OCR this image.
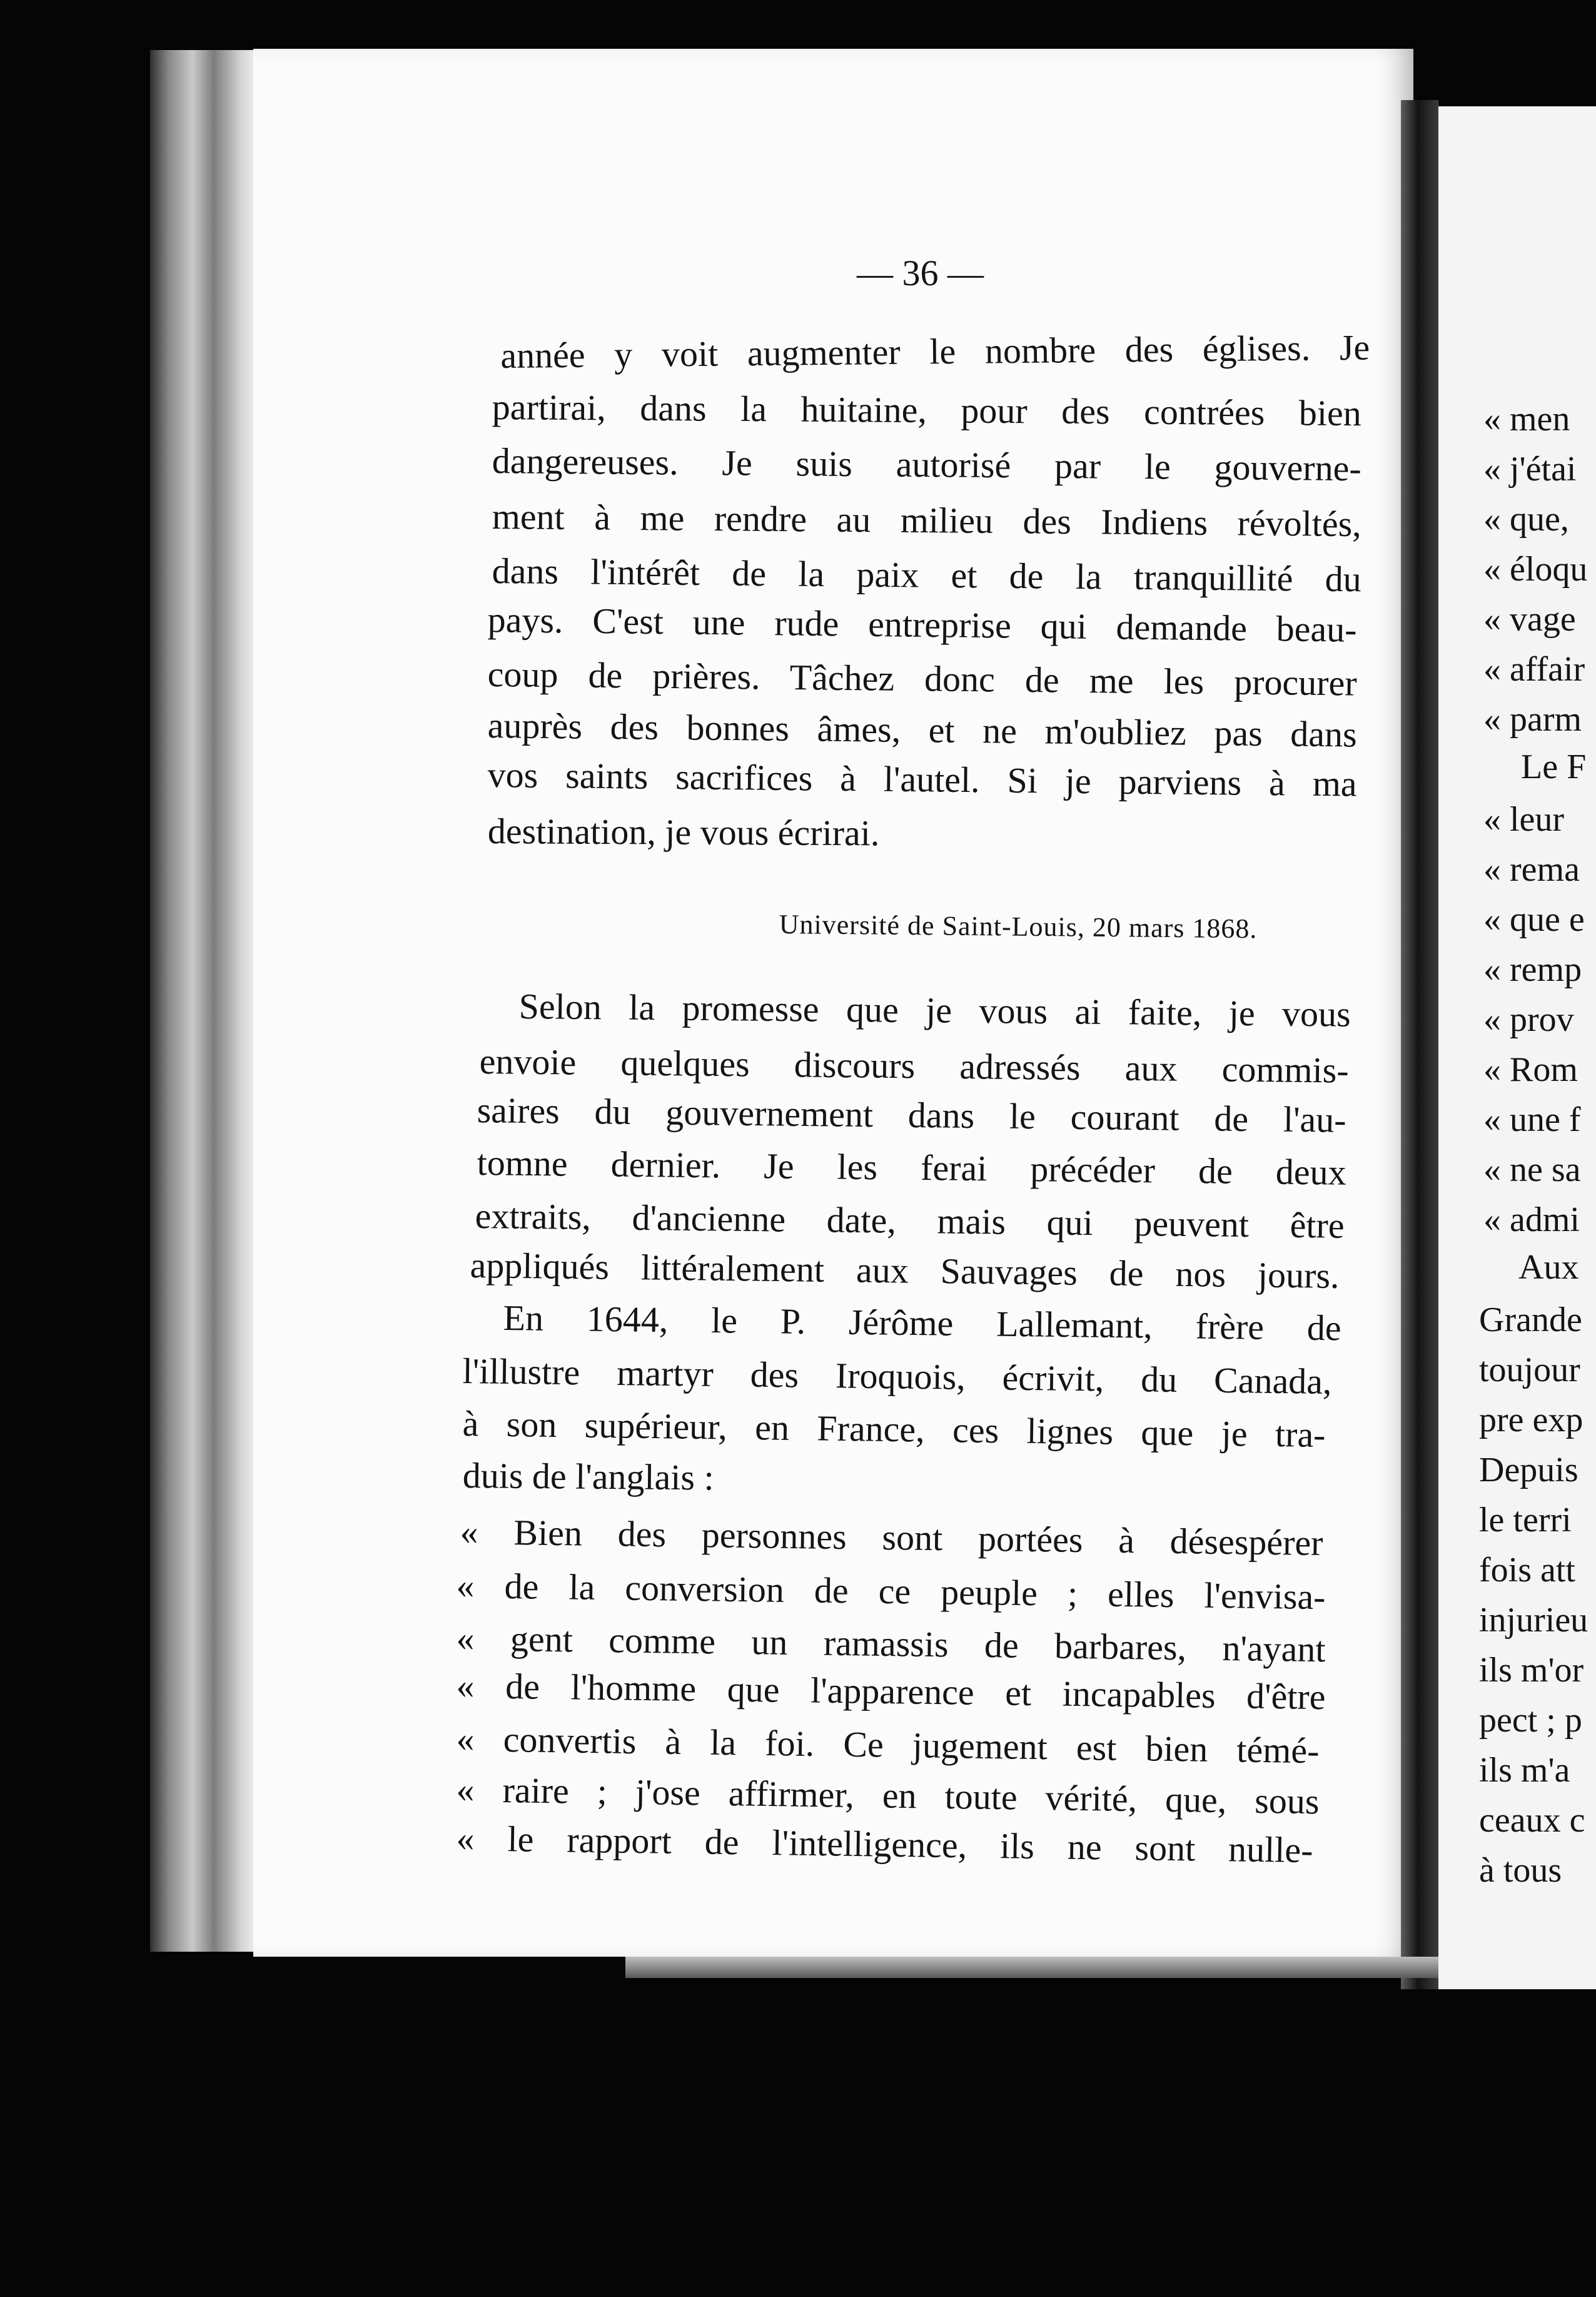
— 36 —
année y voit augmenter le nombre des églises. Je
partirai, dans la huitaine, pour des contrées bien
dangereuses. Je suis autorisé par le gouverne-
ment à me rendre au milieu des Indiens révoltés,
dans l'intérêt de la paix et de la tranquillité du
pays. C'est une rude entreprise qui demande beau-
coup de prières. Tâchez donc de me les procurer
auprès des bonnes âmes, et ne m'oubliez pas dans
vos saints sacrifices à l'autel. Si je parviens à ma
destination, je vous écrirai.
Université de Saint-Louis, 20 mars 1868.
Selon la promesse que je vous ai faite, je vous
envoie quelques discours adressés aux commis-
saires du gouvernement dans le courant de l'au-
tomne dernier. Je les ferai précéder de deux
extraits, d'ancienne date, mais qui peuvent être
appliqués littéralement aux Sauvages de nos jours.
En 1644, le P. Jérôme Lallemant, frère de
l'illustre martyr des Iroquois, écrivit, du Canada,
à son supérieur, en France, ces lignes que je tra-
duis de l'anglais :
« Bien des personnes sont portées à désespérer
« de la conversion de ce peuple ; elles l'envisa-
« gent comme un ramassis de barbares, n'ayant
« de l'homme que l'apparence et incapables d'être
« convertis à la foi. Ce jugement est bien témé-
« raire ; j'ose affirmer, en toute vérité, que, sous
« le rapport de l'intelligence, ils ne sont nulle-
« men
« j'étai
« que,
« éloqu
« vage
« affair
« parm
Le F
« leur
« rema
« que e
« remp
« prov
« Rom
« une f
« ne sa
« admi
Aux
Grande
toujour
pre exp
Depuis
le terri
fois att
injurieu
ils m'or
pect ; p
ils m'a
ceaux c
à tous
